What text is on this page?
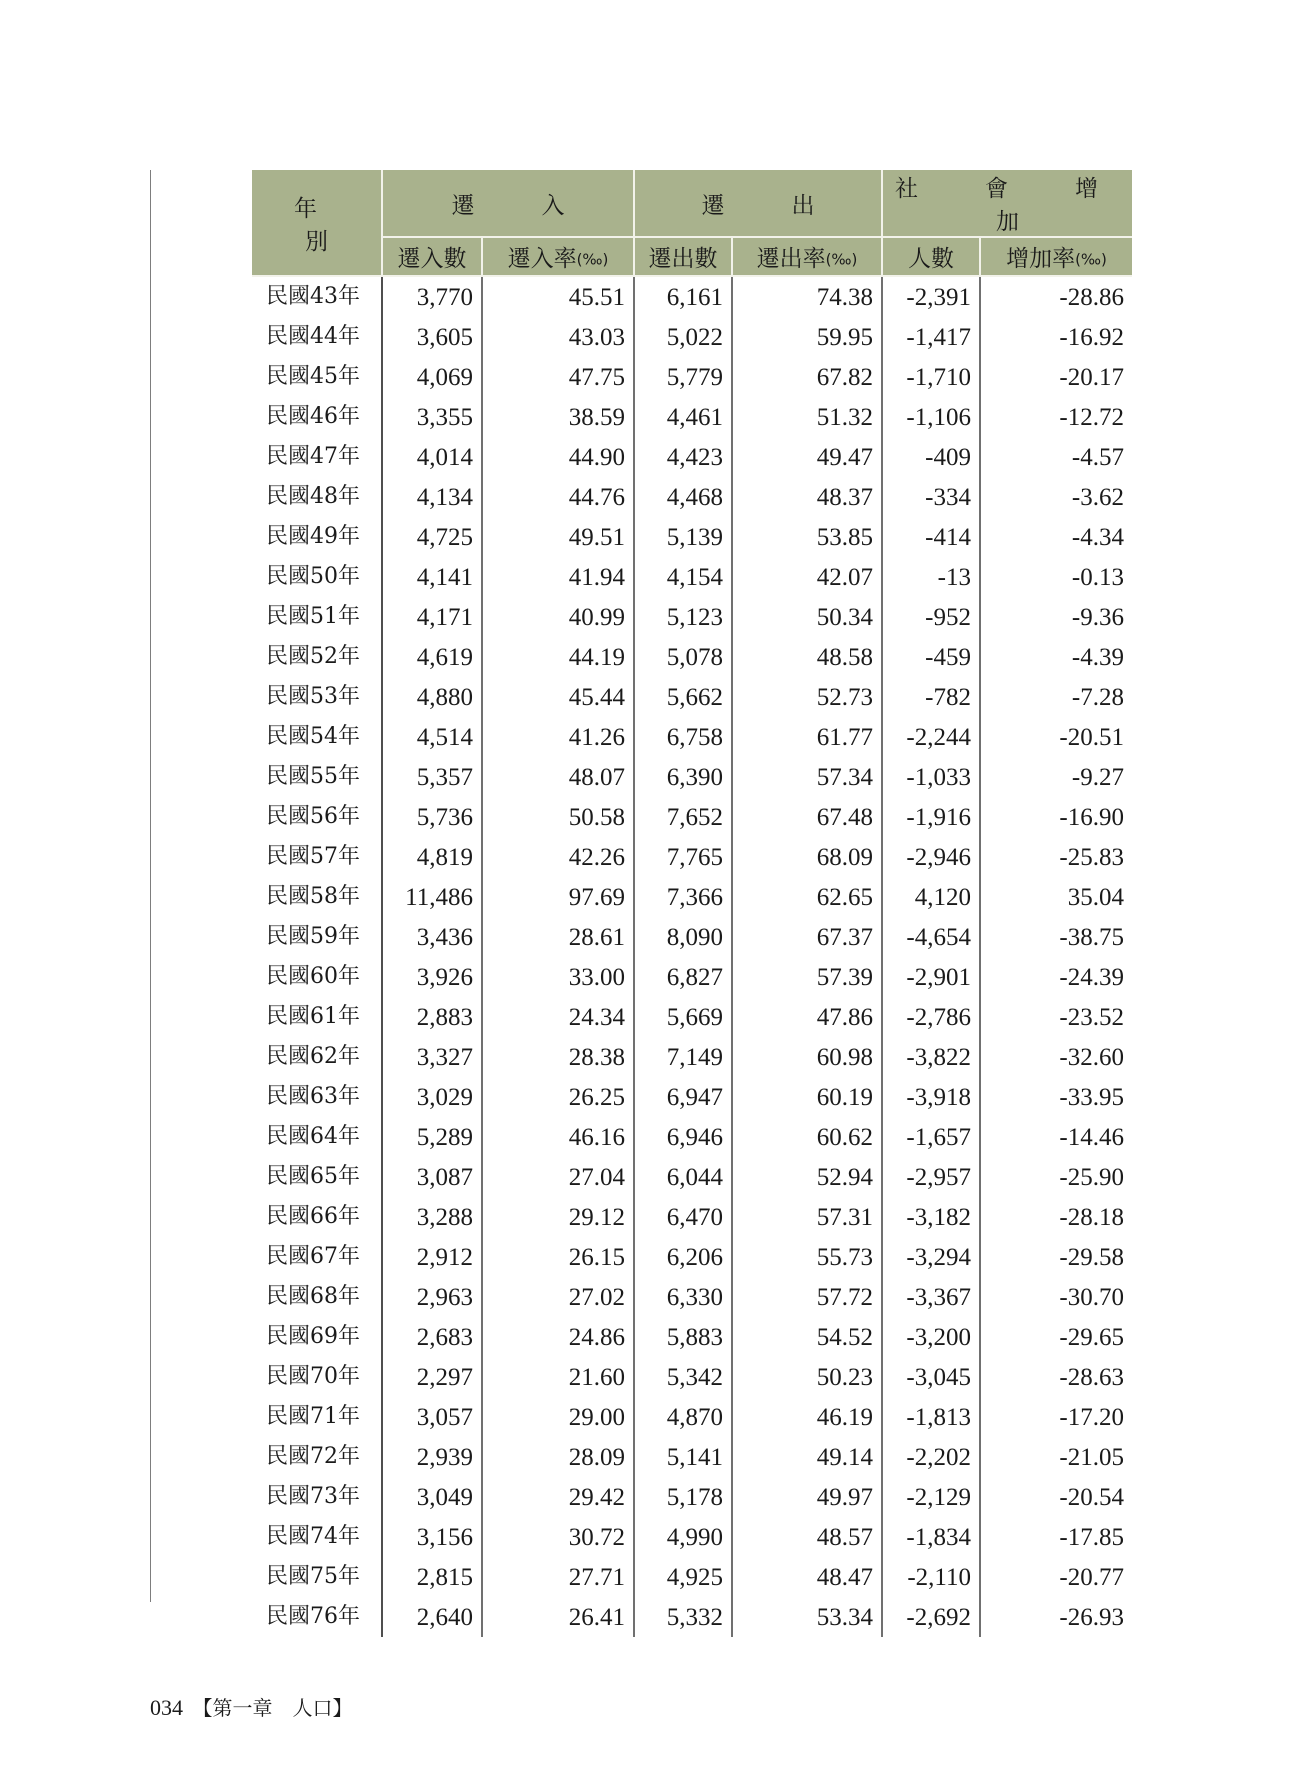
年　別	遷　入		遷　出		社　會　增　加	
	遷入數	遷入率(‰)	遷出數	遷出率(‰)	人數	增加率(‰)
民國43年	3,770	45.51	6,161	74.38	-2,391	-28.86
民國44年	3,605	43.03	5,022	59.95	-1,417	-16.92
民國45年	4,069	47.75	5,779	67.82	-1,710	-20.17
民國46年	3,355	38.59	4,461	51.32	-1,106	-12.72
民國47年	4,014	44.90	4,423	49.47	-409	-4.57
民國48年	4,134	44.76	4,468	48.37	-334	-3.62
民國49年	4,725	49.51	5,139	53.85	-414	-4.34
民國50年	4,141	41.94	4,154	42.07	-13	-0.13
民國51年	4,171	40.99	5,123	50.34	-952	-9.36
民國52年	4,619	44.19	5,078	48.58	-459	-4.39
民國53年	4,880	45.44	5,662	52.73	-782	-7.28
民國54年	4,514	41.26	6,758	61.77	-2,244	-20.51
民國55年	5,357	48.07	6,390	57.34	-1,033	-9.27
民國56年	5,736	50.58	7,652	67.48	-1,916	-16.90
民國57年	4,819	42.26	7,765	68.09	-2,946	-25.83
民國58年	11,486	97.69	7,366	62.65	4,120	35.04
民國59年	3,436	28.61	8,090	67.37	-4,654	-38.75
民國60年	3,926	33.00	6,827	57.39	-2,901	-24.39
民國61年	2,883	24.34	5,669	47.86	-2,786	-23.52
民國62年	3,327	28.38	7,149	60.98	-3,822	-32.60
民國63年	3,029	26.25	6,947	60.19	-3,918	-33.95
民國64年	5,289	46.16	6,946	60.62	-1,657	-14.46
民國65年	3,087	27.04	6,044	52.94	-2,957	-25.90
民國66年	3,288	29.12	6,470	57.31	-3,182	-28.18
民國67年	2,912	26.15	6,206	55.73	-3,294	-29.58
民國68年	2,963	27.02	6,330	57.72	-3,367	-30.70
民國69年	2,683	24.86	5,883	54.52	-3,200	-29.65
民國70年	2,297	21.60	5,342	50.23	-3,045	-28.63
民國71年	3,057	29.00	4,870	46.19	-1,813	-17.20
民國72年	2,939	28.09	5,141	49.14	-2,202	-21.05
民國73年	3,049	29.42	5,178	49.97	-2,129	-20.54
民國74年	3,156	30.72	4,990	48.57	-1,834	-17.85
民國75年	2,815	27.71	4,925	48.47	-2,110	-20.77
民國76年	2,640	26.41	5,332	53.34	-2,692	-26.93
034 【第一章　人口】
